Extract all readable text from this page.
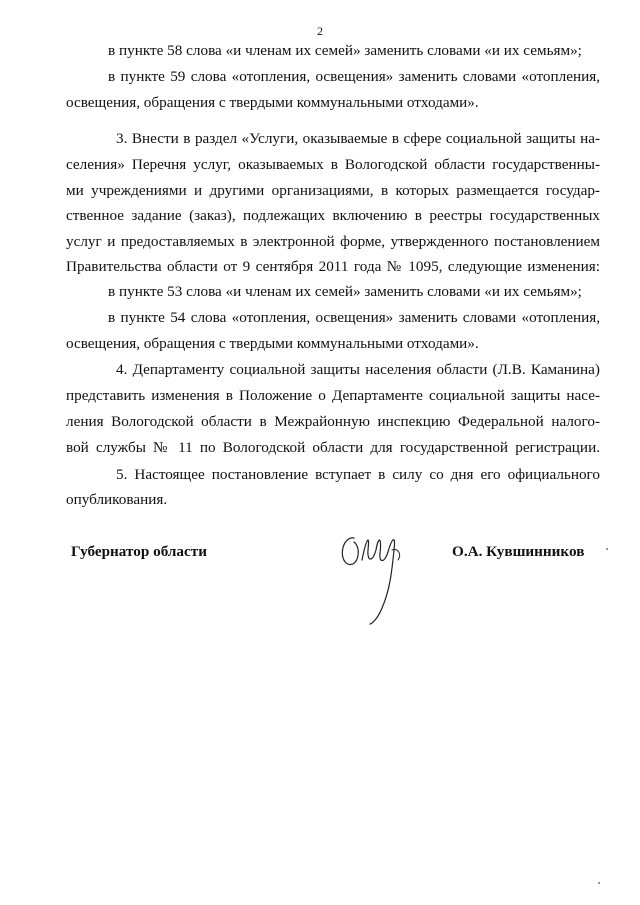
2
в пункте 58 слова «и членам их семей» заменить словами «и их семьям»;
в пункте 59 слова «отопления, освещения» заменить словами «отопления,
освещения, обращения с твердыми коммунальными отходами».
3. Внести в раздел «Услуги, оказываемые в сфере социальной защиты на-
селения» Перечня услуг, оказываемых в Вологодской области государственны-
ми учреждениями и другими организациями, в которых размещается государ-
ственное задание (заказ), подлежащих включению в реестры государственных
услуг и предоставляемых в электронной форме, утвержденного постановлением
Правительства области от 9 сентября 2011 года № 1095, следующие изменения:
в пункте 53 слова «и членам их семей» заменить словами «и их семьям»;
в пункте 54 слова «отопления, освещения» заменить словами «отопления,
освещения, обращения с твердыми коммунальными отходами».
4. Департаменту социальной защиты населения области (Л.В. Каманина)
представить изменения в Положение о Департаменте социальной защиты насе-
ления Вологодской области в Межрайонную инспекцию Федеральной налого-
вой службы № 11 по Вологодской области для государственной регистрации.
5. Настоящее постановление вступает в силу со дня его официального
опубликования.
Губернатор области	О.А. Кувшинников
